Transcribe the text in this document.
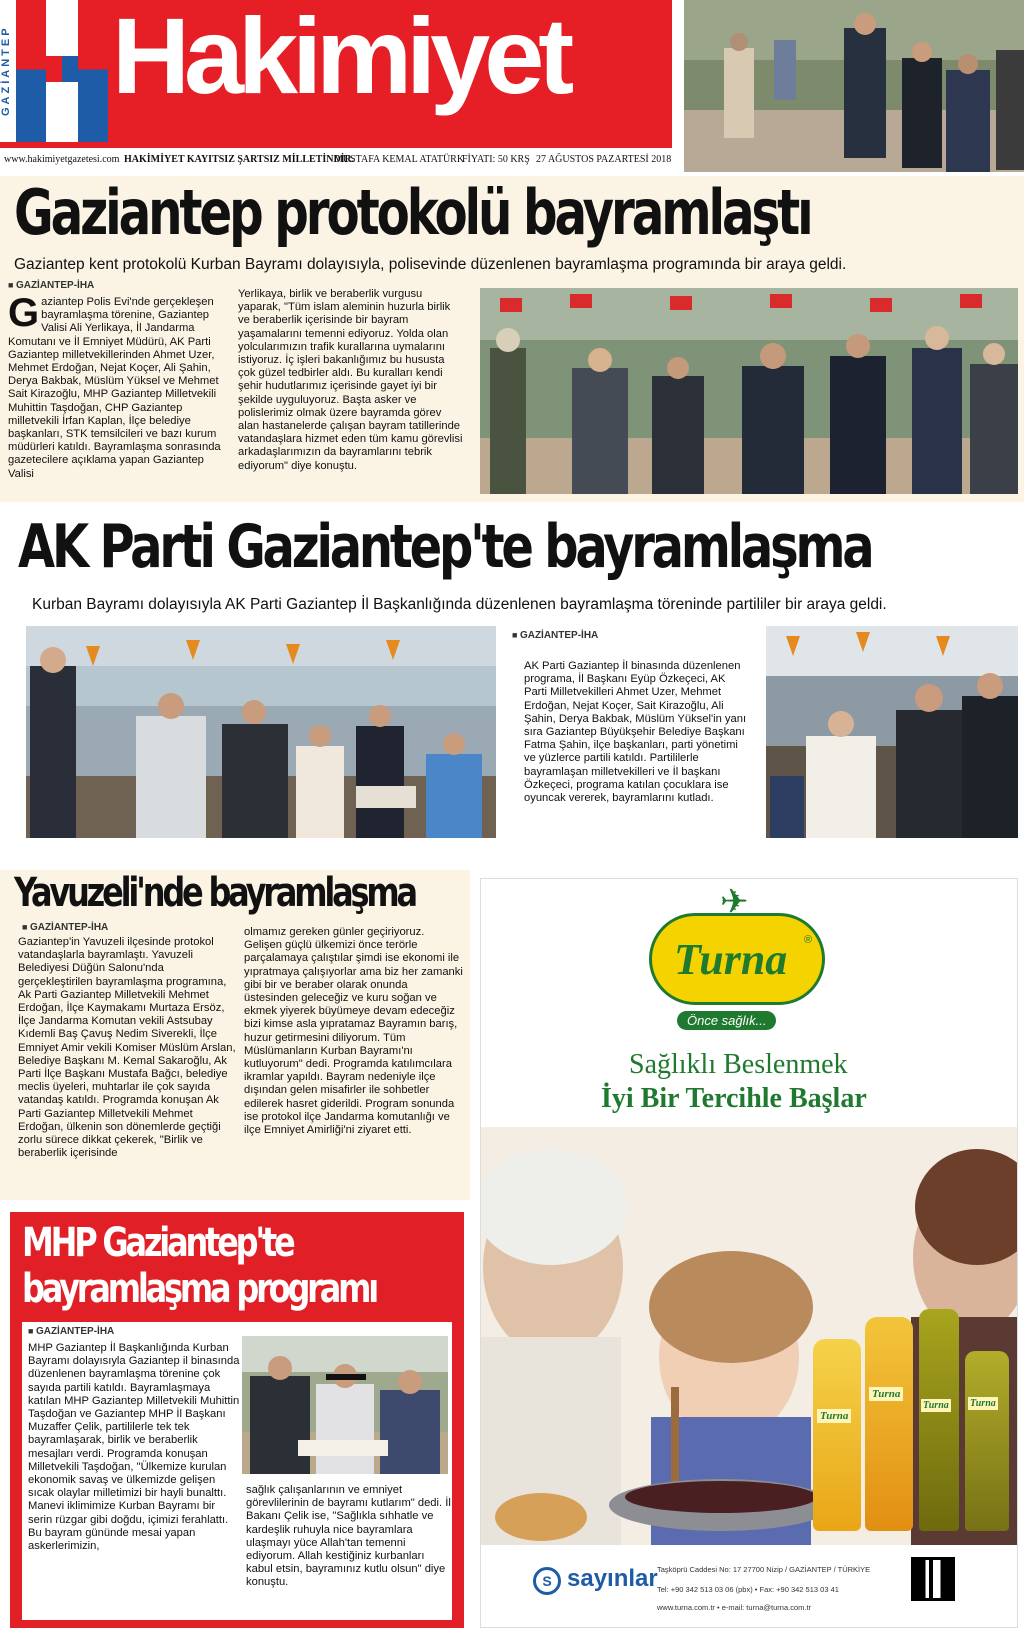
GAZİANTEP Hakimiyet
www.hakimiyetgazetesi.com HAKİMİYET KAYITSIZ ŞARTSIZ MİLLETİNDİR.
MUSTAFA KEMAL ATATÜRK
FİYATI: 50 KRŞ 27 AĞUSTOS PAZARTESİ 2018
Gaziantep protokolü bayramlaştı
Gaziantep kent protokolü Kurban Bayramı dolayısıyla, polisevinde düzenlenen bayramlaşma programında bir araya geldi.
■ GAZİANTEP-İHA
Gaziantep Polis Evi'nde gerçekleşen bayramlaşma törenine, Gaziantep Valisi Ali Yerlikaya, İl Jandarma Komutanı ve İl Emniyet Müdürü, AK Parti Gaziantep milletvekillerinden Ahmet Uzer, Mehmet Erdoğan, Nejat Koçer, Ali Şahin, Derya Bakbak, Müslüm Yüksel ve Mehmet Sait Kirazoğlu, MHP Gaziantep Milletvekili Muhittin Taşdoğan, CHP Gaziantep milletvekili İrfan Kaplan, İlçe belediye başkanları, STK temsilcileri ve bazı kurum müdürleri katıldı. Bayramlaşma sonrasında gazetecilere açıklama yapan Gaziantep Valisi
Yerlikaya, birlik ve beraberlik vurgusu yaparak, "Tüm islam aleminin huzurla birlik ve beraberlik içerisinde bir bayram yaşamalarını temenni ediyoruz. Yolda olan yolcularımızın trafik kurallarına uymalarını istiyoruz. İç işleri bakanlığımız bu hususta çok güzel tedbirler aldı. Bu kuralları kendi şehir hudutlarımız içerisinde gayet iyi bir şekilde uyguluyoruz. Başta asker ve polislerimiz olmak üzere bayramda görev alan hastanelerde çalışan bayram tatillerinde vatandaşlara hizmet eden tüm kamu görevlisi arkadaşlarımızın da bayramlarını tebrik ediyorum" diye konuştu.
AK Parti Gaziantep'te bayramlaşma
Kurban Bayramı dolayısıyla AK Parti Gaziantep İl Başkanlığında düzenlenen bayramlaşma töreninde partililer bir araya geldi.
■ GAZİANTEP-İHA
AK Parti Gaziantep İl binasında düzenlenen programa, İl Başkanı Eyüp Özkeçeci, AK Parti Milletvekilleri Ahmet Uzer, Mehmet Erdoğan, Nejat Koçer, Sait Kirazoğlu, Ali Şahin, Derya Bakbak, Müslüm Yüksel'in yanı sıra Gaziantep Büyükşehir Belediye Başkanı Fatma Şahin, ilçe başkanları, parti yönetimi ve yüzlerce partili katıldı. Partililerle bayramlaşan milletvekilleri ve İl başkanı Özkeçeci, programa katılan çocuklara ise oyuncak vererek, bayramlarını kutladı.
Yavuzeli'nde bayramlaşma
■ GAZİANTEP-İHA
Gaziantep'in Yavuzeli ilçesinde protokol vatandaşlarla bayramlaştı. Yavuzeli Belediyesi Düğün Salonu'nda gerçekleştirilen bayramlaşma programına, Ak Parti Gaziantep Milletvekili Mehmet Erdoğan, İlçe Kaymakamı Murtaza Ersöz, İlçe Jandarma Komutan vekili Astsubay Kıdemli Baş Çavuş Nedim Siverekli, İlçe Emniyet Amir vekili Komiser Müslüm Arslan, Belediye Başkanı M. Kemal Sakaroğlu, Ak Parti İlçe Başkanı Mustafa Bağcı, belediye meclis üyeleri, muhtarlar ile çok sayıda vatandaş katıldı. Programda konuşan Ak Parti Gaziantep Milletvekili Mehmet Erdoğan, ülkenin son dönemlerde geçtiği zorlu sürece dikkat çekerek, "Birlik ve beraberlik içerisinde
olmamız gereken günler geçiriyoruz. Gelişen güçlü ülkemizi önce terörle parçalamaya çalıştılar şimdi ise ekonomi ile yıpratmaya çalışıyorlar ama biz her zamanki gibi bir ve beraber olarak onunda üstesinden geleceğiz ve kuru soğan ve ekmek yiyerek büyümeye devam edeceğiz bizi kimse asla yıpratamaz Bayramın barış, huzur getirmesini diliyorum. Tüm Müslümanların Kurban Bayramı'nı kutluyorum" dedi. Programda katılımcılara ikramlar yapıldı. Bayram nedeniyle ilçe dışından gelen misafirler ile sohbetler edilerek hasret giderildi. Program sonunda ise protokol ilçe Jandarma komutanlığı ve ilçe Emniyet Amirliği'ni ziyaret etti.
MHP Gaziantep'te
bayramlaşma programı
■ GAZİANTEP-İHA
MHP Gaziantep İl Başkanlığında Kurban Bayramı dolayısıyla Gaziantep il binasında düzenlenen bayramlaşma törenine çok sayıda partili katıldı. Bayramlaşmaya katılan MHP Gaziantep Milletvekili Muhittin Taşdoğan ve Gaziantep MHP İl Başkanı Muzaffer Çelik, partililerle tek tek bayramlaşarak, birlik ve beraberlik mesajları verdi. Programda konuşan Milletvekili Taşdoğan, "Ülkemize kurulan ekonomik savaş ve ülkemizde gelişen sıcak olaylar milletimizi bir hayli bunalttı. Manevi iklimimize Kurban Bayramı bir serin rüzgar gibi doğdu, içimizi ferahlattı. Bu bayram gününde mesai yapan askerlerimizin,
sağlık çalışanlarının ve emniyet görevlilerinin de bayramı kutlarım" dedi. İl Bakanı Çelik ise, "Sağlıkla sıhhatle ve kardeşlik ruhuyla nice bayramlara ulaşmayı yüce Allah'tan temenni ediyorum. Allah kestiğiniz kurbanları kabul etsin, bayramınız kutlu olsun" diye konuştu.
✈
Turna ®
Önce sağlık...
Sağlıklı Beslenmek
İyi Bir Tercihle Başlar
Turna
Turna
Turna Turna
S sayınlar Taşköprü Caddesi No: 17 27700 Nizip / GAZİANTEP / TÜRKİYE
Tel: +90 342 513 03 06 (pbx) • Fax: +90 342 513 03 41
www.turna.com.tr • e-mail: turna@turna.com.tr
